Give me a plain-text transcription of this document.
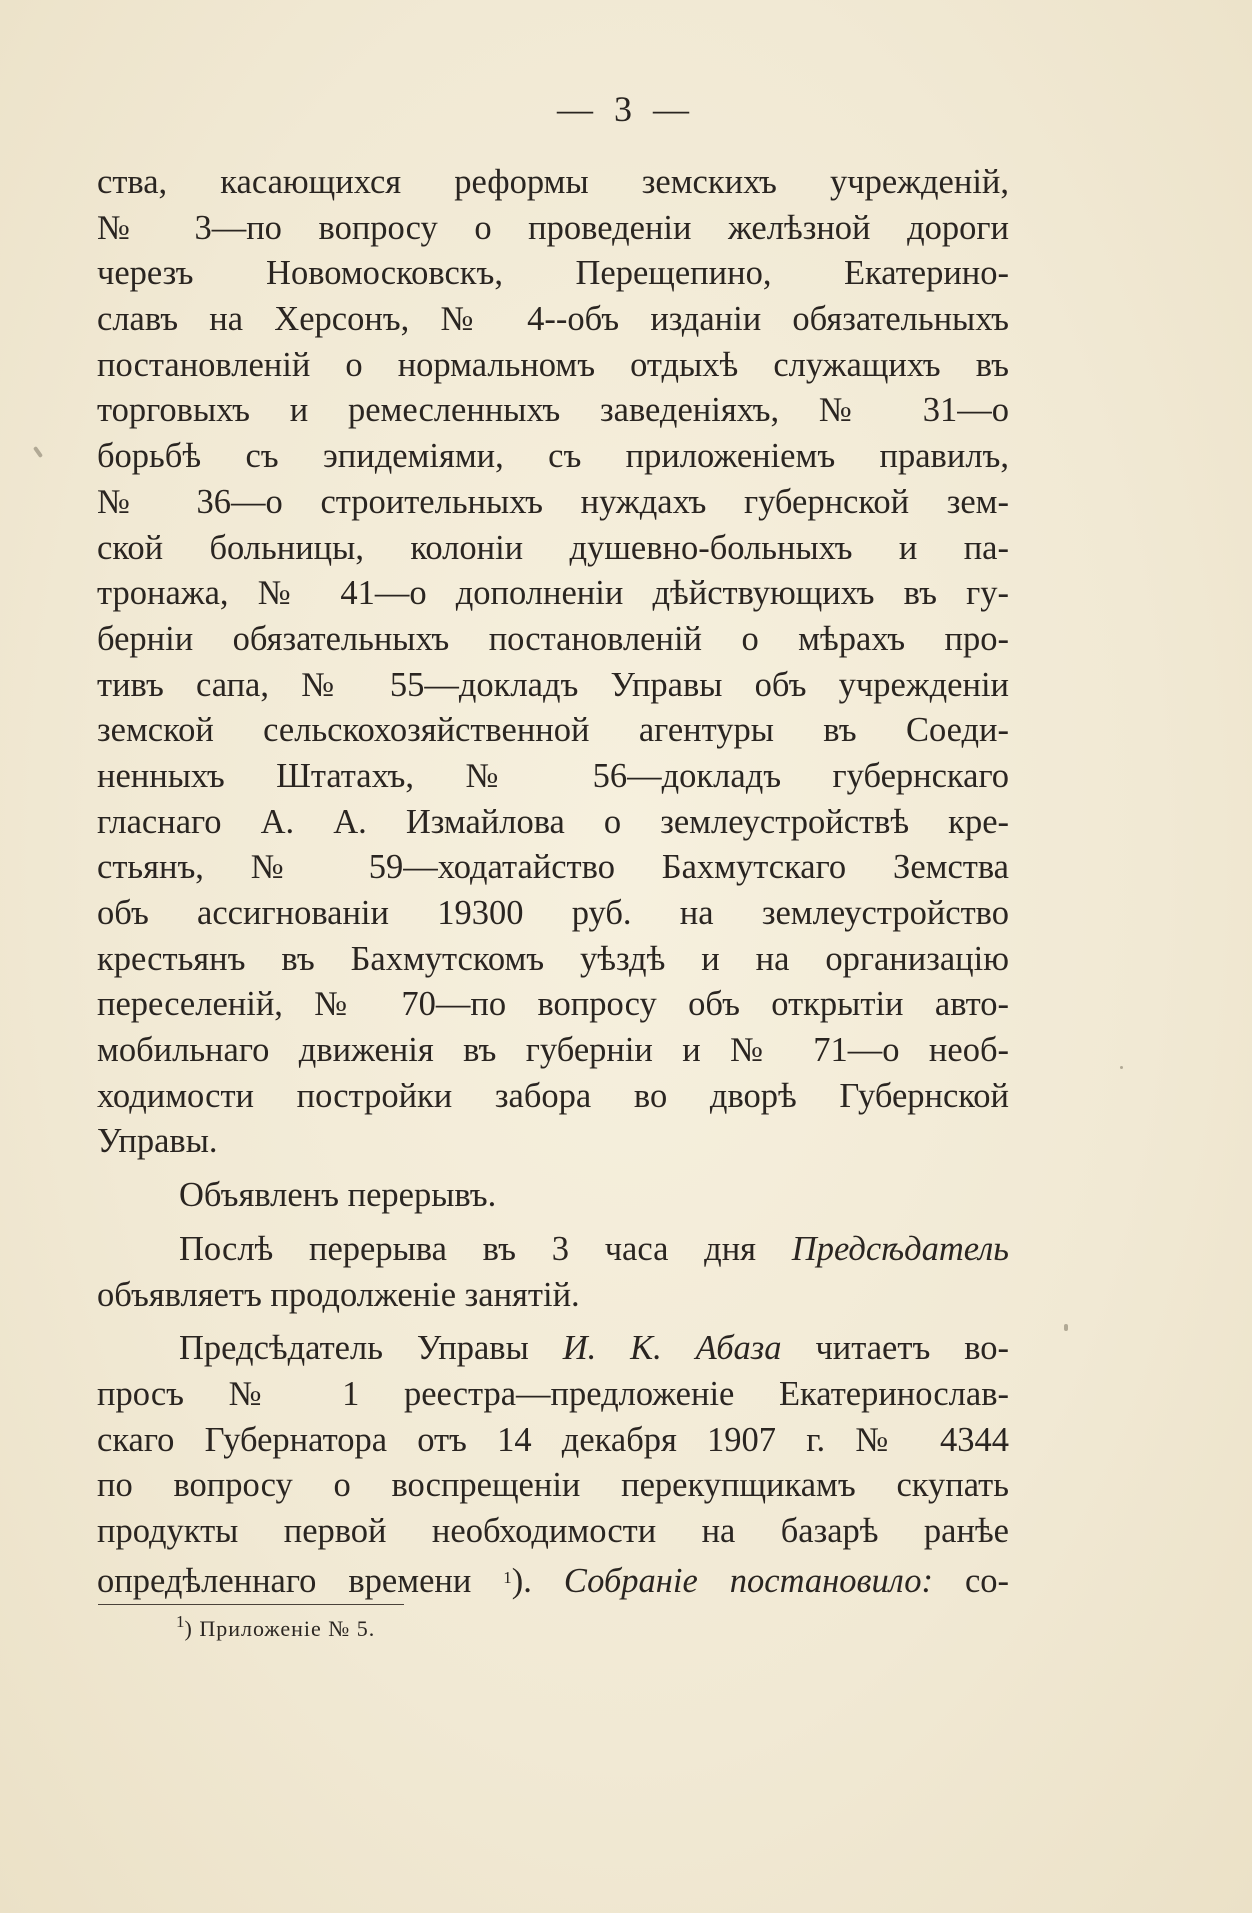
— 3 —
ства, касающихся реформы земскихъ учрежденій,
№ 3—по вопросу о проведеніи желѣзной дороги
черезъ Новомосковскъ, Перещепино, Екатерино-
славъ на Херсонъ, № 4--объ изданіи обязательныхъ
постановленій о нормальномъ отдыхѣ служащихъ въ
торговыхъ и ремесленныхъ заведеніяхъ, № 31—о
борьбѣ съ эпидеміями, съ приложеніемъ правилъ,
№ 36—о строительныхъ нуждахъ губернской зем-
ской больницы, колоніи душевно-больныхъ и па-
тронажа, № 41—о дополненіи дѣйствующихъ въ гу-
берніи обязательныхъ постановленій о мѣрахъ про-
тивъ сапа, № 55—докладъ Управы объ учрежденіи
земской сельскохозяйственной агентуры въ Соеди-
ненныхъ Штатахъ, № 56—докладъ губернскаго
гласнаго А. А. Измайлова о землеустройствѣ кре-
стьянъ, № 59—ходатайство Бахмутскаго Земства
объ ассигнованіи 19300 руб. на землеустройство
крестьянъ въ Бахмутскомъ уѣздѣ и на организацію
переселеній, № 70—по вопросу объ открытіи авто-
мобильнаго движенія въ губерніи и № 71—о необ-
ходимости постройки забора во дворѣ Губернской
Управы.
Объявленъ перерывъ.
Послѣ перерыва въ 3 часа дня Предсѣдатель
объявляетъ продолженіе занятій.
Предсѣдатель Управы И. К. Абаза читаетъ во-
просъ № 1 реестра—предложеніе Екатеринослав-
скаго Губернатора отъ 14 декабря 1907 г. № 4344
по вопросу о воспрещеніи перекупщикамъ скупать
продукты первой необходимости на базарѣ ранѣе
опредѣленнаго времени $^1$). Собраніе постановило: со-
$^1$) Приложеніе № 5.
